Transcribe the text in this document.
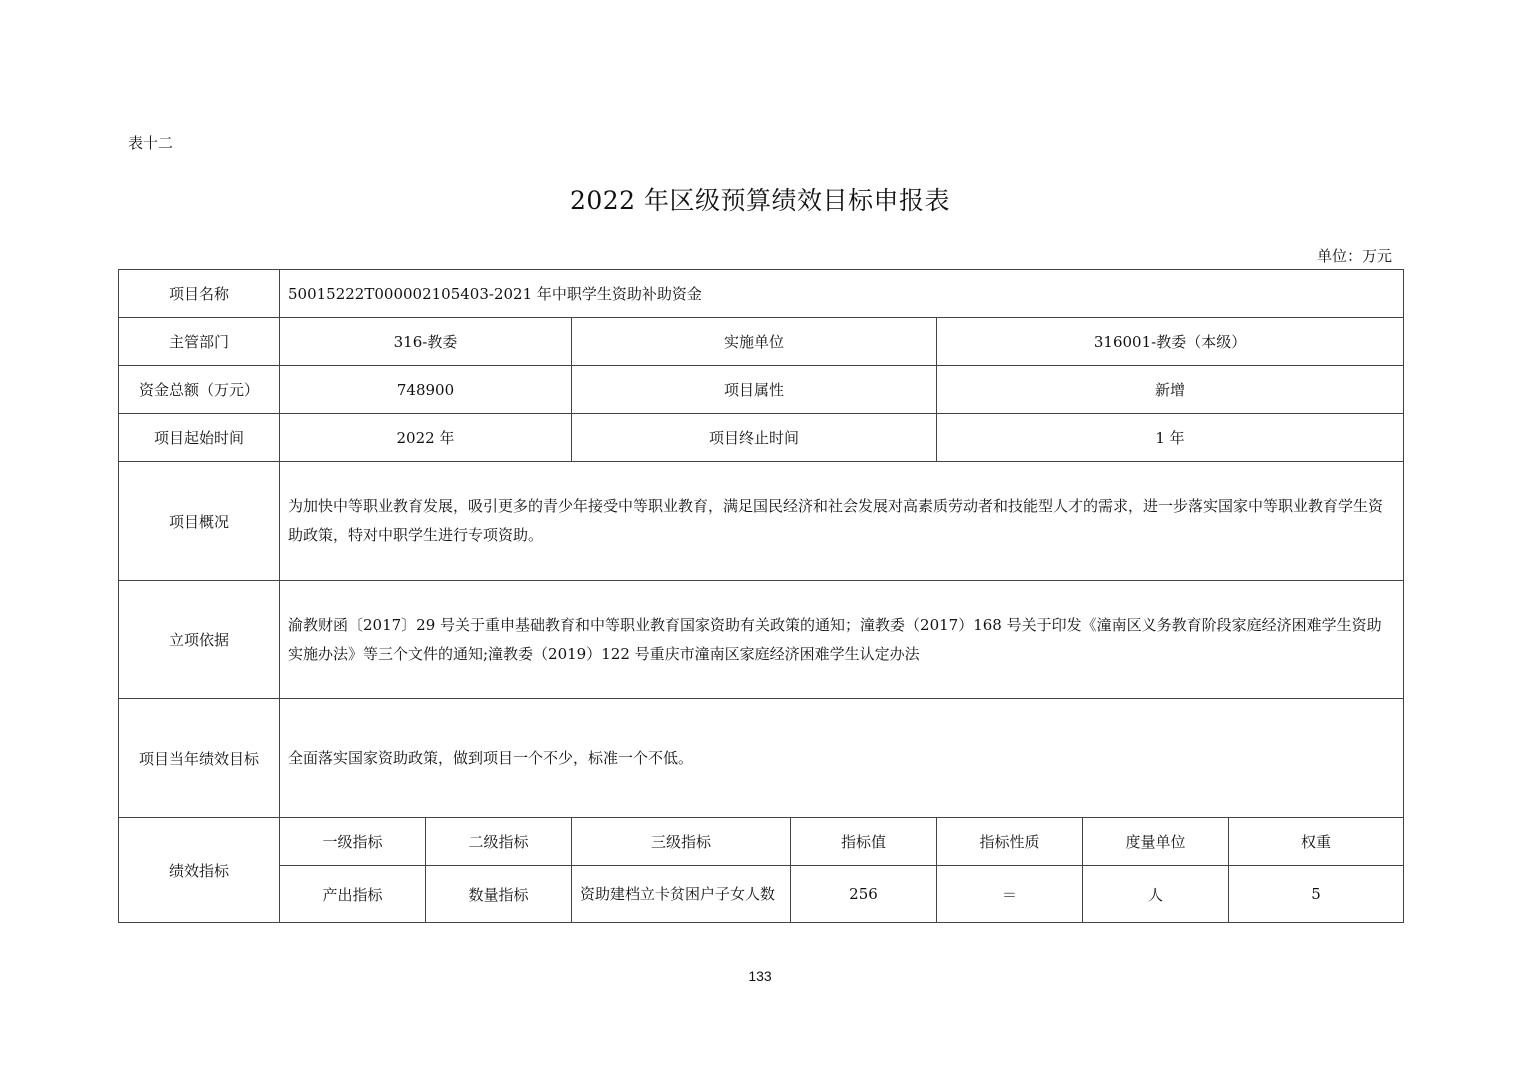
表十二
2022 年区级预算绩效目标申报表
单位：万元
项目名称	50015222T000002105403-2021 年中职学生资助补助资金						
主管部门	316-教委		实施单位		316001-教委（本级）		
资金总额（万元）	748900		项目属性		新增		
项目起始时间	2022 年		项目终止时间		1 年		
项目概况	为加快中等职业教育发展，吸引更多的青少年接受中等职业教育，满足国民经济和社会发展对高素质劳动者和技能型人才的需求，进一步落实国家中等职业教育学生资助政策，特对中职学生进行专项资助。						
立项依据	渝教财函〔2017〕29 号关于重申基础教育和中等职业教育国家资助有关政策的通知；潼教委（2017）168 号关于印发《潼南区义务教育阶段家庭经济困难学生资助实施办法》等三个文件的通知;潼教委（2019）122 号重庆市潼南区家庭经济困难学生认定办法						
项目当年绩效目标	全面落实国家资助政策，做到项目一个不少，标准一个不低。						
绩效指标	一级指标	二级指标	三级指标	指标值	指标性质	度量单位	权重
	产出指标	数量指标	资助建档立卡贫困户子女人数	256	＝	人	5
133
